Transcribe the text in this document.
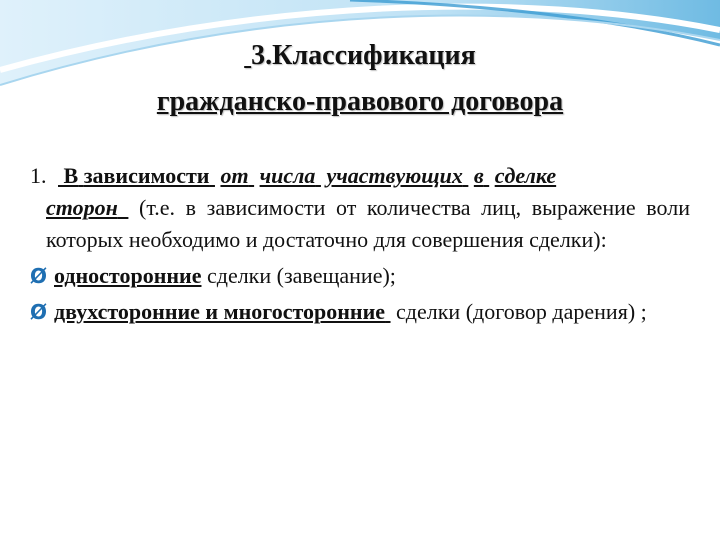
3.Классификация
гражданско-правового договора
1. В зависимости от числа участвующих в сделке
сторон (т.е. в зависимости от количества лиц, выражение воли которых необходимо и достаточно для совершения сделки):
Ø односторонние сделки (завещание);
Ø двухсторонние и многосторонние  сделки (договор дарения) ;
